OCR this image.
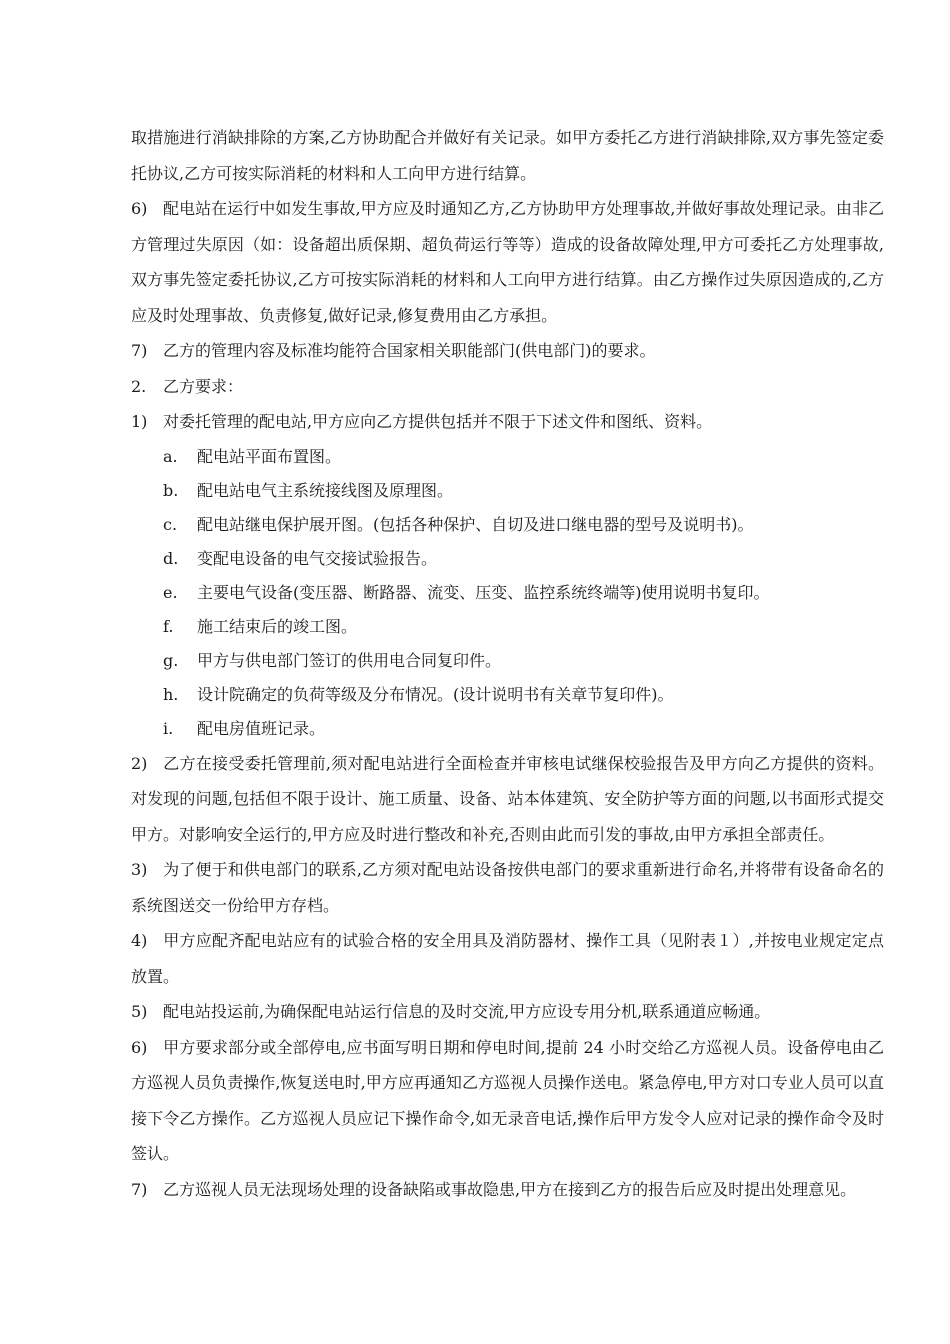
取措施进行消缺排除的方案,乙方协助配合并做好有关记录。如甲方委托乙方进行消缺排除,双方事先签定委托协议,乙方可按实际消耗的材料和人工向甲方进行结算。

6) 配电站在运行中如发生事故,甲方应及时通知乙方,乙方协助甲方处理事故,并做好事故处理记录。由非乙方管理过失原因（如：设备超出质保期、超负荷运行等等）造成的设备故障处理,甲方可委托乙方处理事故,双方事先签定委托协议,乙方可按实际消耗的材料和人工向甲方进行结算。由乙方操作过失原因造成的,乙方应及时处理事故、负责修复,做好记录,修复费用由乙方承担。

7) 乙方的管理内容及标准均能符合国家相关职能部门(供电部门)的要求。

2. 乙方要求：

1) 对委托管理的配电站,甲方应向乙方提供包括并不限于下述文件和图纸、资料。

a. 配电站平面布置图。

b. 配电站电气主系统接线图及原理图。

c. 配电站继电保护展开图。(包括各种保护、自切及进口继电器的型号及说明书)。

d. 变配电设备的电气交接试验报告。

e. 主要电气设备(变压器、断路器、流变、压变、监控系统终端等)使用说明书复印。

f. 施工结束后的竣工图。

g. 甲方与供电部门签订的供用电合同复印件。

h. 设计院确定的负荷等级及分布情况。(设计说明书有关章节复印件)。

i. 配电房值班记录。

2) 乙方在接受委托管理前,须对配电站进行全面检查并审核电试继保校验报告及甲方向乙方提供的资料。对发现的问题,包括但不限于设计、施工质量、设备、站本体建筑、安全防护等方面的问题,以书面形式提交甲方。对影响安全运行的,甲方应及时进行整改和补充,否则由此而引发的事故,由甲方承担全部责任。

3) 为了便于和供电部门的联系,乙方须对配电站设备按供电部门的要求重新进行命名,并将带有设备命名的系统图送交一份给甲方存档。

4) 甲方应配齐配电站应有的试验合格的安全用具及消防器材、操作工具（见附表１）,并按电业规定定点放置。

5) 配电站投运前,为确保配电站运行信息的及时交流,甲方应设专用分机,联系通道应畅通。

6) 甲方要求部分或全部停电,应书面写明日期和停电时间,提前 24 小时交给乙方巡视人员。设备停电由乙方巡视人员负责操作,恢复送电时,甲方应再通知乙方巡视人员操作送电。紧急停电,甲方对口专业人员可以直接下令乙方操作。乙方巡视人员应记下操作命令,如无录音电话,操作后甲方发令人应对记录的操作命令及时签认。

7) 乙方巡视人员无法现场处理的设备缺陷或事故隐患,甲方在接到乙方的报告后应及时提出处理意见。
